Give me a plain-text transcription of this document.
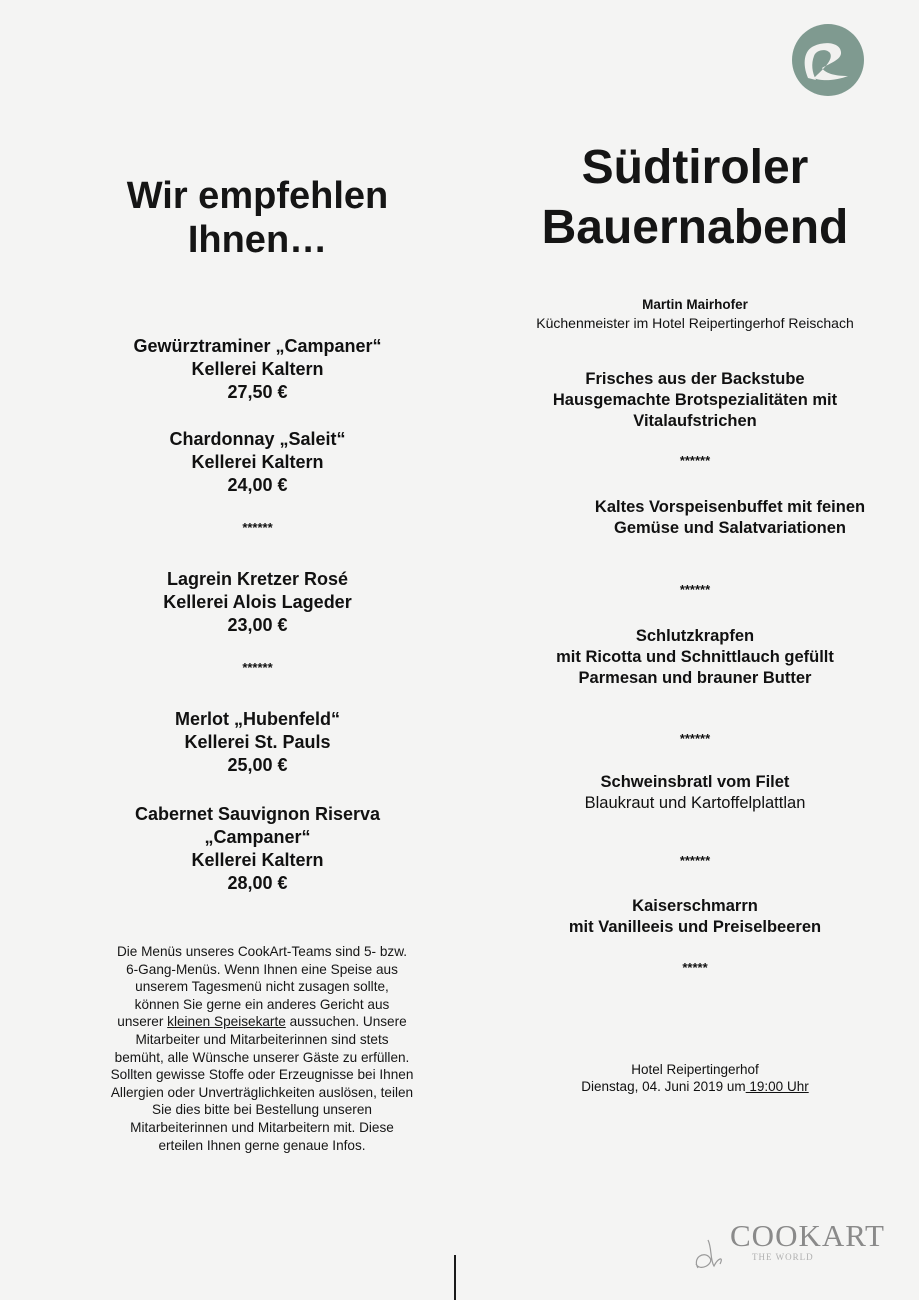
Wir empfehlen
Ihnen…
Gewürztraminer „Campaner“
Kellerei Kaltern
27,50 €
Chardonnay „Saleit“
Kellerei Kaltern
24,00 €
******
Lagrein Kretzer Rosé
Kellerei Alois Lageder
23,00 €
******
Merlot „Hubenfeld“
Kellerei St. Pauls
25,00 €
Cabernet Sauvignon Riserva
„Campaner“
Kellerei Kaltern
28,00 €
Die Menüs unseres CookArt-Teams sind 5- bzw.
6-Gang-Menüs. Wenn Ihnen eine Speise aus
unserem Tagesmenü nicht zusagen sollte,
können Sie gerne ein anderes Gericht aus
unserer kleinen Speisekarte aussuchen. Unsere
Mitarbeiter und Mitarbeiterinnen sind stets
bemüht, alle Wünsche unserer Gäste zu erfüllen.
Sollten gewisse Stoffe oder Erzeugnisse bei Ihnen
Allergien oder Unverträglichkeiten auslösen, teilen
Sie dies bitte bei Bestellung unseren
Mitarbeiterinnen und Mitarbeitern mit. Diese
erteilen Ihnen gerne genaue Infos.
Südtiroler
Bauernabend
Martin Mairhofer
Küchenmeister im Hotel Reipertingerhof Reischach
Frisches aus der Backstube
Hausgemachte Brotspezialitäten mit
Vitalaufstrichen
******
Kaltes Vorspeisenbuffet mit feinen
Gemüse und Salatvariationen
******
Schlutzkrapfen
mit Ricotta und Schnittlauch gefüllt
Parmesan und brauner Butter
******
Schweinsbratl vom Filet
Blaukraut und Kartoffelplattlan
******
Kaiserschmarrn
mit Vanilleeis und Preiselbeeren
*****
Hotel Reipertingerhof
Dienstag, 04. Juni 2019 um 19:00 Uhr
COOKART
THE WORLD
